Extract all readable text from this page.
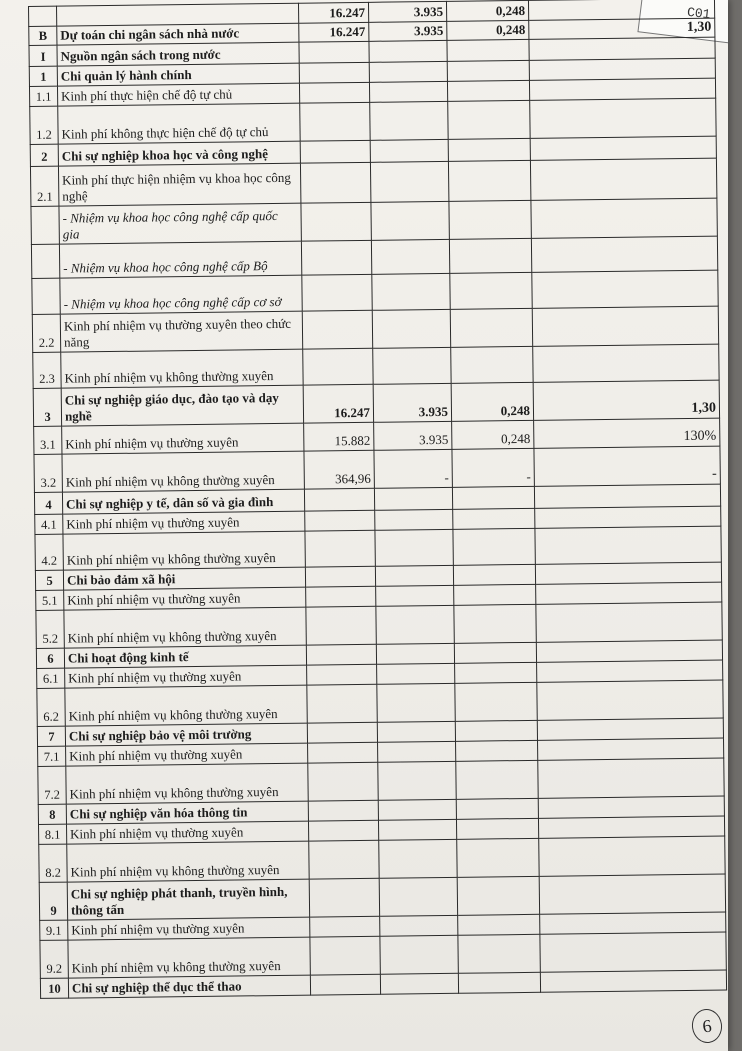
C01
		16.247	3.935	0,248	
B	Dự toán chi ngân sách nhà nước	16.247	3.935	0,248	1,30
I	Nguồn ngân sách trong nước				
1	Chi quản lý hành chính				
1.1	Kinh phí thực hiện chế độ tự chủ				
1.2	Kinh phí không thực hiện chế độ tự chủ				
2	Chi sự nghiệp khoa học và công nghệ				
2.1	Kinh phí thực hiện nhiệm vụ khoa học công nghệ				
	- Nhiệm vụ khoa học công nghệ cấp quốc gia				
	- Nhiệm vụ khoa học công nghệ cấp Bộ				
	- Nhiệm vụ khoa học công nghệ cấp cơ sở				
2.2	Kinh phí nhiệm vụ thường xuyên theo chức năng				
2.3	Kinh phí nhiệm vụ không thường xuyên				
3	Chi sự nghiệp giáo dục, đào tạo và dạy nghề	16.247	3.935	0,248	1,30
3.1	Kinh phí nhiệm vụ thường xuyên	15.882	3.935	0,248	130%
3.2	Kinh phí nhiệm vụ không thường xuyên	364,96	-	-	-
4	Chi sự nghiệp y tế, dân số và gia đình				
4.1	Kinh phí nhiệm vụ thường xuyên				
4.2	Kinh phí nhiệm vụ không thường xuyên				
5	Chi bảo đảm xã hội				
5.1	Kinh phí nhiệm vụ thường xuyên				
5.2	Kinh phí nhiệm vụ không thường xuyên				
6	Chi hoạt động kinh tế				
6.1	Kinh phí nhiệm vụ thường xuyên				
6.2	Kinh phí nhiệm vụ không thường xuyên				
7	Chi sự nghiệp bảo vệ môi trường				
7.1	Kinh phí nhiệm vụ thường xuyên				
7.2	Kinh phí nhiệm vụ không thường xuyên				
8	Chi sự nghiệp văn hóa thông tin				
8.1	Kinh phí nhiệm vụ thường xuyên				
8.2	Kinh phí nhiệm vụ không thường xuyên				
9	Chi sự nghiệp phát thanh, truyền hình, thông tấn				
9.1	Kinh phí nhiệm vụ thường xuyên				
9.2	Kinh phí nhiệm vụ không thường xuyên				
10	Chi sự nghiệp thể dục thể thao				
6
